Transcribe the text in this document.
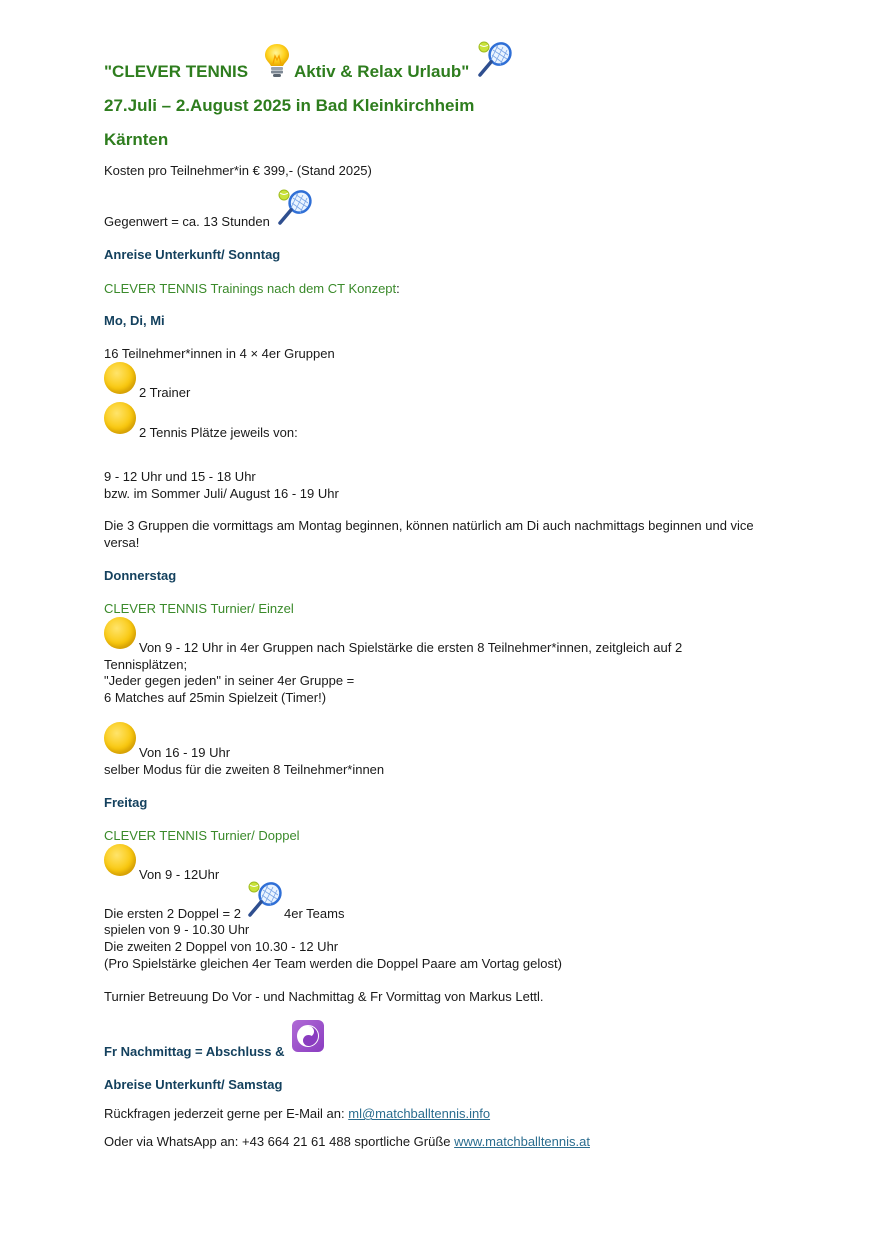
"CLEVER TENNIS	Aktiv & Relax Urlaub"
27.Juli – 2.August 2025 in Bad Kleinkirchheim
Kärnten
Kosten pro Teilnehmer*in € 399,- (Stand 2025)
Gegenwert = ca. 13 Stunden
Anreise Unterkunft/ Sonntag
CLEVER TENNIS Trainings nach dem CT Konzept:
Mo, Di, Mi
16 Teilnehmer*innen in 4 × 4er Gruppen
2 Trainer
2 Tennis Plätze jeweils von:
9 - 12 Uhr und 15 - 18 Uhr
bzw. im Sommer Juli/ August 16 - 19 Uhr
Die 3 Gruppen die vormittags am Montag beginnen, können natürlich am Di auch nachmittags beginnen und vice
versa!
Donnerstag
CLEVER TENNIS Turnier/ Einzel
Von 9 - 12 Uhr in 4er Gruppen nach Spielstärke die ersten 8 Teilnehmer*innen, zeitgleich auf 2
Tennisplätzen;
"Jeder gegen jeden" in seiner 4er Gruppe =
6 Matches auf 25min Spielzeit (Timer!)
Von 16 - 19 Uhr
selber Modus für die zweiten 8 Teilnehmer*innen
Freitag
CLEVER TENNIS Turnier/ Doppel
Von 9 - 12Uhr
Die ersten 2 Doppel = 2	4er Teams
spielen von 9 - 10.30 Uhr
Die zweiten 2 Doppel von 10.30 - 12 Uhr
(Pro Spielstärke gleichen 4er Team werden die Doppel Paare am Vortag gelost)
Turnier Betreuung Do Vor - und Nachmittag & Fr Vormittag von Markus Lettl.
Fr Nachmittag = Abschluss &
Abreise Unterkunft/ Samstag
Rückfragen jederzeit gerne per E-Mail an: ml@matchballtennis.info
Oder via WhatsApp an: +43 664 21 61 488 sportliche Grüße www.matchballtennis.at
